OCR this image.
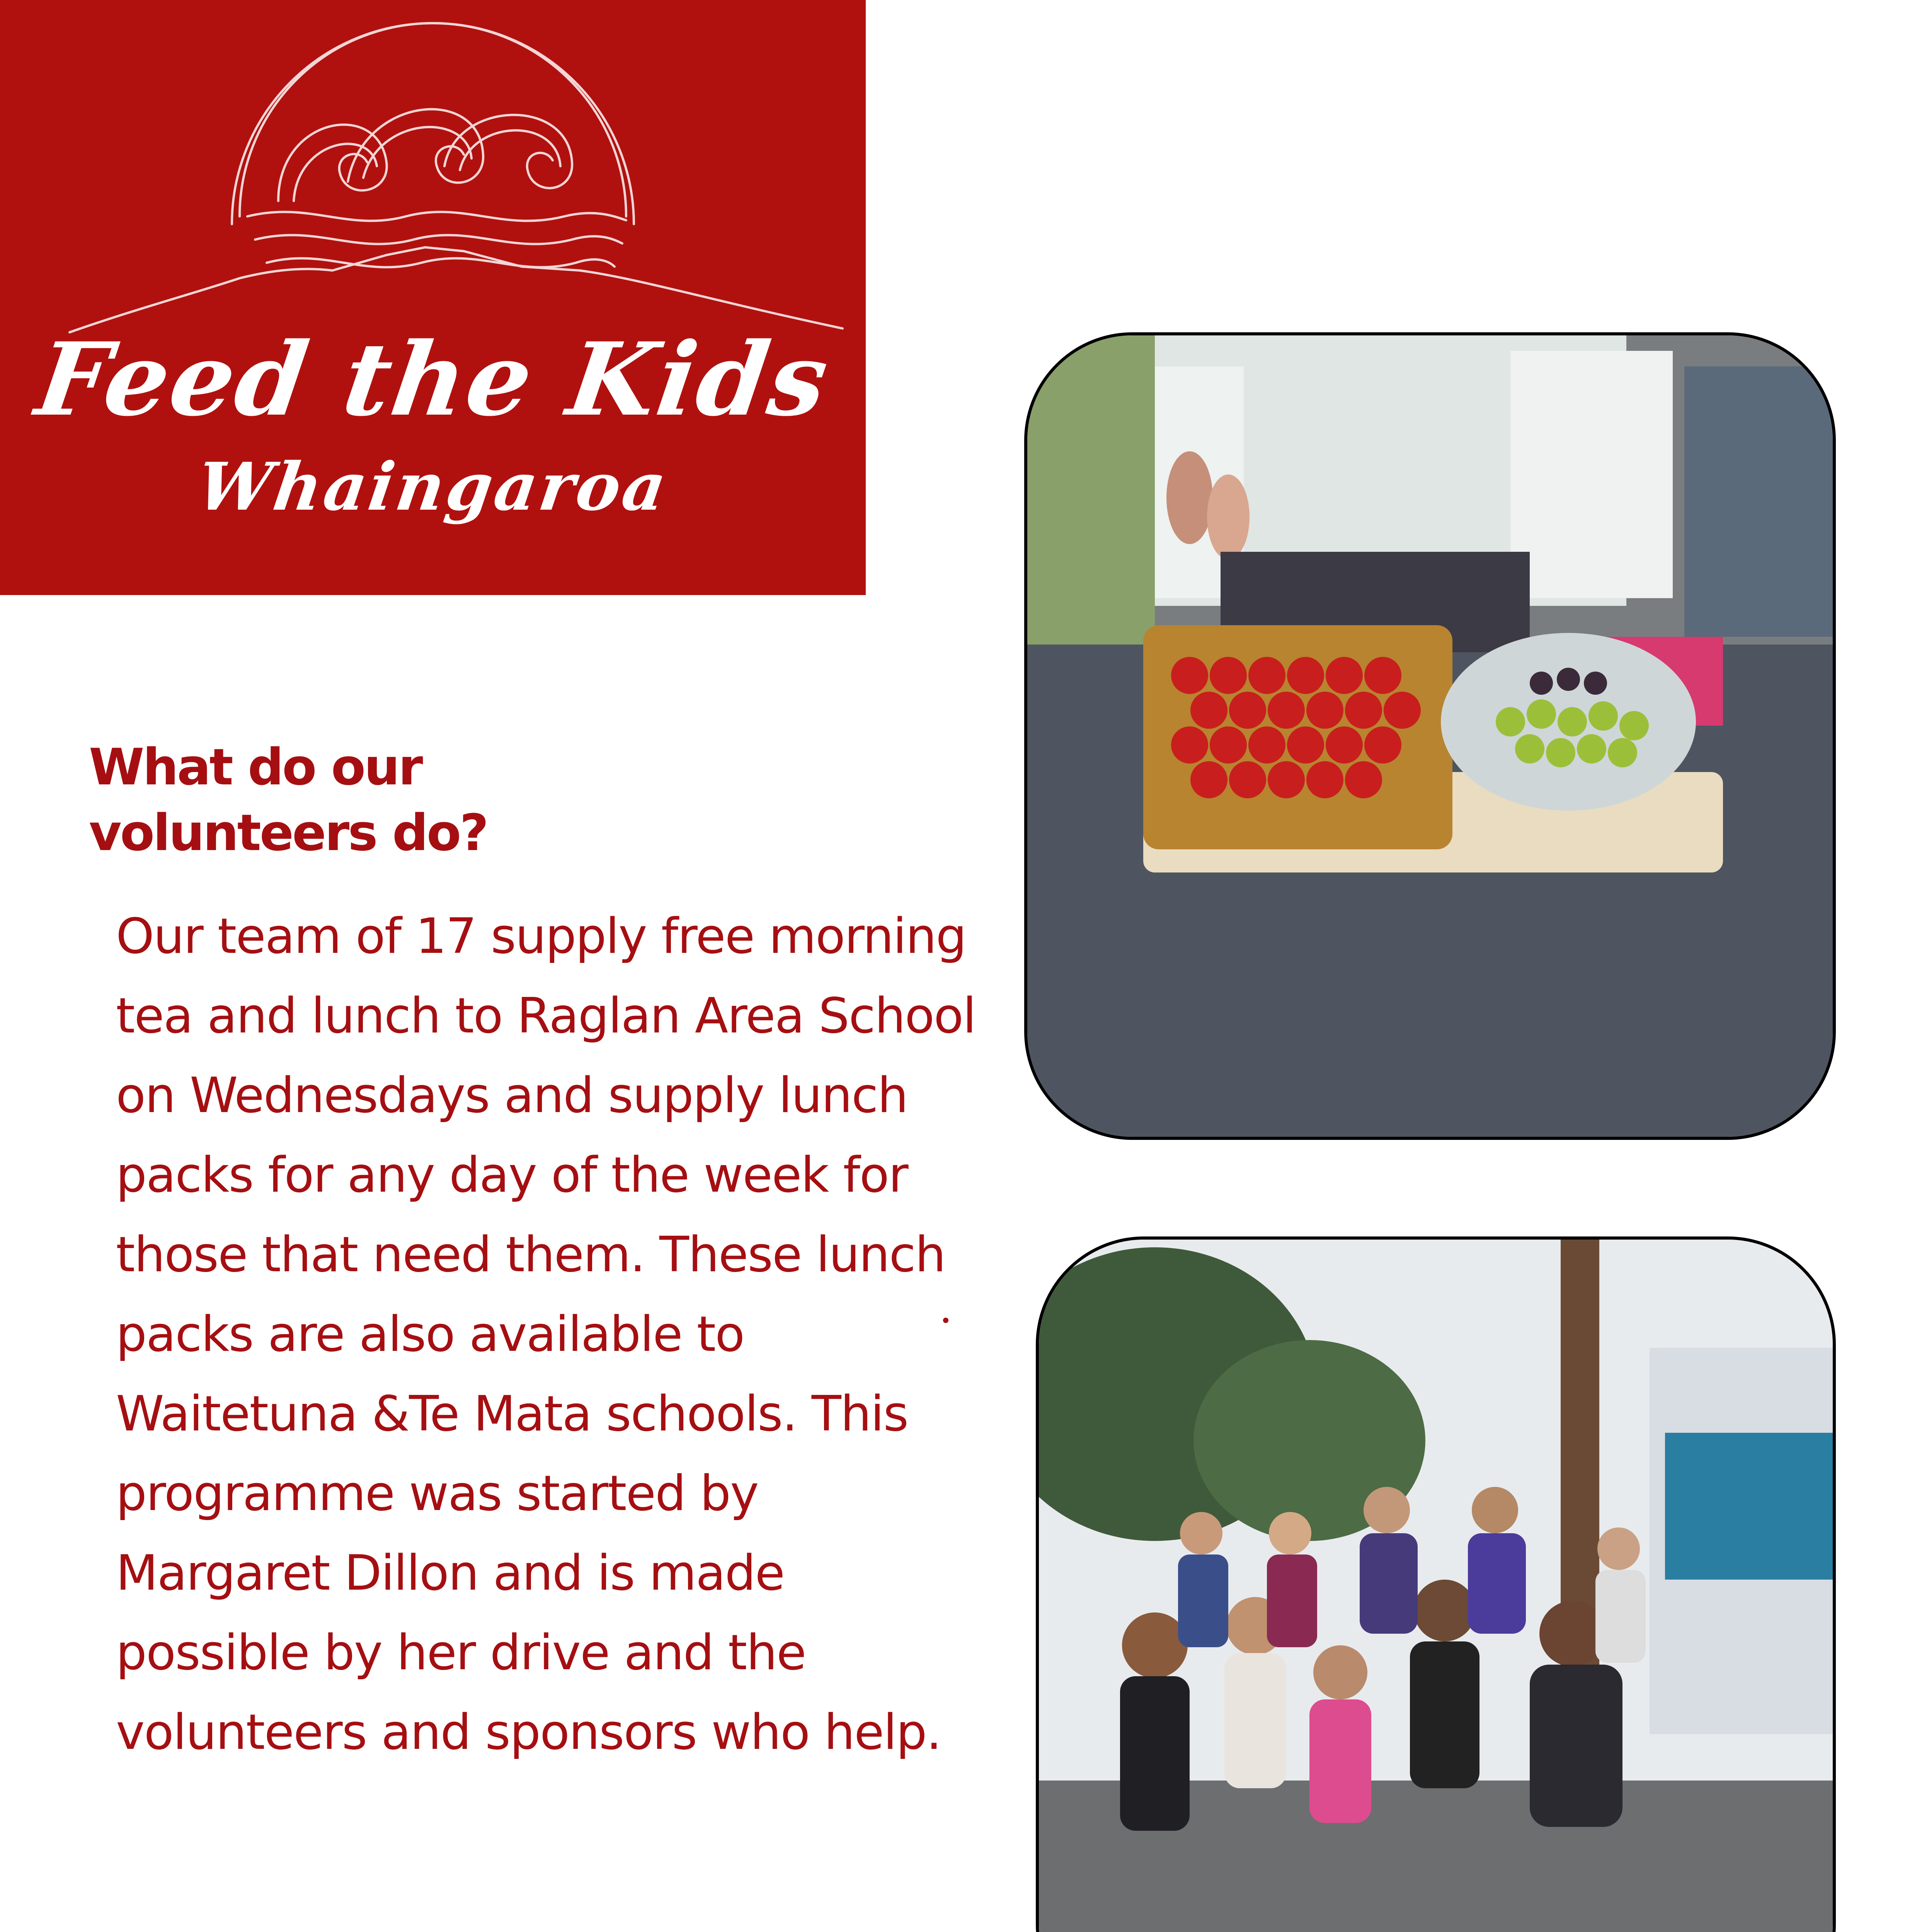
Feed the Kids
Whaingaroa
What do our
volunteers do?
Our team of 17 supply free morning tea and lunch to Raglan Area School on Wednesdays and supply lunch packs for any day of the week for those that need them. These lunch packs are also available to Waitetuna &Te Mata schools. This programme was started by Margaret Dillon and is made possible by her drive and the volunteers and sponsors who help.
